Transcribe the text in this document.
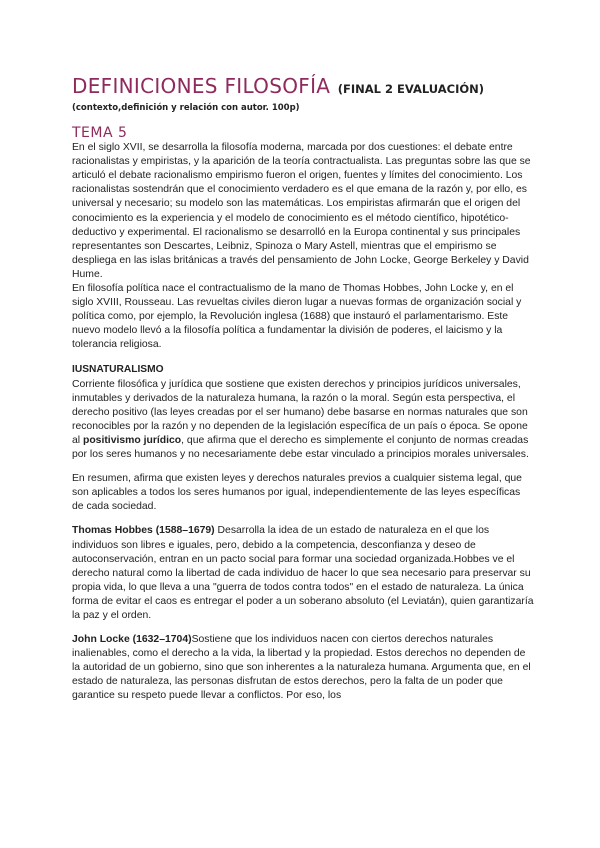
DEFINICIONES FILOSOFÍA (FINAL 2 EVALUACIÓN)
(contexto,definición y relación con autor. 100p)
TEMA 5

En el siglo XVII, se desarrolla la filosofía moderna, marcada por dos cuestiones: el debate entre racionalistas y empiristas, y la aparición de la teoría contractualista. Las preguntas sobre las que se articuló el debate racionalismo empirismo fueron el origen, fuentes y límites del conocimiento. Los racionalistas sostendrán que el conocimiento verdadero es el que emana de la razón y, por ello, es universal y necesario; su modelo son las matemáticas. Los empiristas afirmarán que el origen del conocimiento es la experiencia y el modelo de conocimiento es el método científico, hipotético-deductivo y experimental. El racionalismo se desarrolló en la Europa continental y sus principales representantes son Descartes, Leibniz, Spinoza o Mary Astell, mientras que el empirismo se despliega en las islas británicas a través del pensamiento de John Locke, George Berkeley y David Hume.

En filosofía política nace el contractualismo de la mano de Thomas Hobbes, John Locke y, en el siglo XVIII, Rousseau. Las revueltas civiles dieron lugar a nuevas formas de organización social y política como, por ejemplo, la Revolución inglesa (1688) que instauró el parlamentarismo. Este nuevo modelo llevó a la filosofía política a fundamentar la división de poderes, el laicismo y la tolerancia religiosa.

IUSNATURALISMO

Corriente filosófica y jurídica que sostiene que existen derechos y principios jurídicos universales, inmutables y derivados de la naturaleza humana, la razón o la moral. Según esta perspectiva, el derecho positivo (las leyes creadas por el ser humano) debe basarse en normas naturales que son reconocibles por la razón y no dependen de la legislación específica de un país o época. Se opone al positivismo jurídico, que afirma que el derecho es simplemente el conjunto de normas creadas por los seres humanos y no necesariamente debe estar vinculado a principios morales universales.

En resumen, afirma que existen leyes y derechos naturales previos a cualquier sistema legal, que son aplicables a todos los seres humanos por igual, independientemente de las leyes específicas de cada sociedad.

Thomas Hobbes (1588–1679) Desarrolla la idea de un estado de naturaleza en el que los individuos son libres e iguales, pero, debido a la competencia, desconfianza y deseo de autoconservación, entran en un pacto social para formar una sociedad organizada.Hobbes ve el derecho natural como la libertad de cada individuo de hacer lo que sea necesario para preservar su propia vida, lo que lleva a una "guerra de todos contra todos" en el estado de naturaleza. La única forma de evitar el caos es entregar el poder a un soberano absoluto (el Leviatán), quien garantizaría la paz y el orden.

John Locke (1632–1704)Sostiene que los individuos nacen con ciertos derechos naturales inalienables, como el derecho a la vida, la libertad y la propiedad. Estos derechos no dependen de la autoridad de un gobierno, sino que son inherentes a la naturaleza humana. Argumenta que, en el estado de naturaleza, las personas disfrutan de estos derechos, pero la falta de un poder que garantice su respeto puede llevar a conflictos. Por eso, los
